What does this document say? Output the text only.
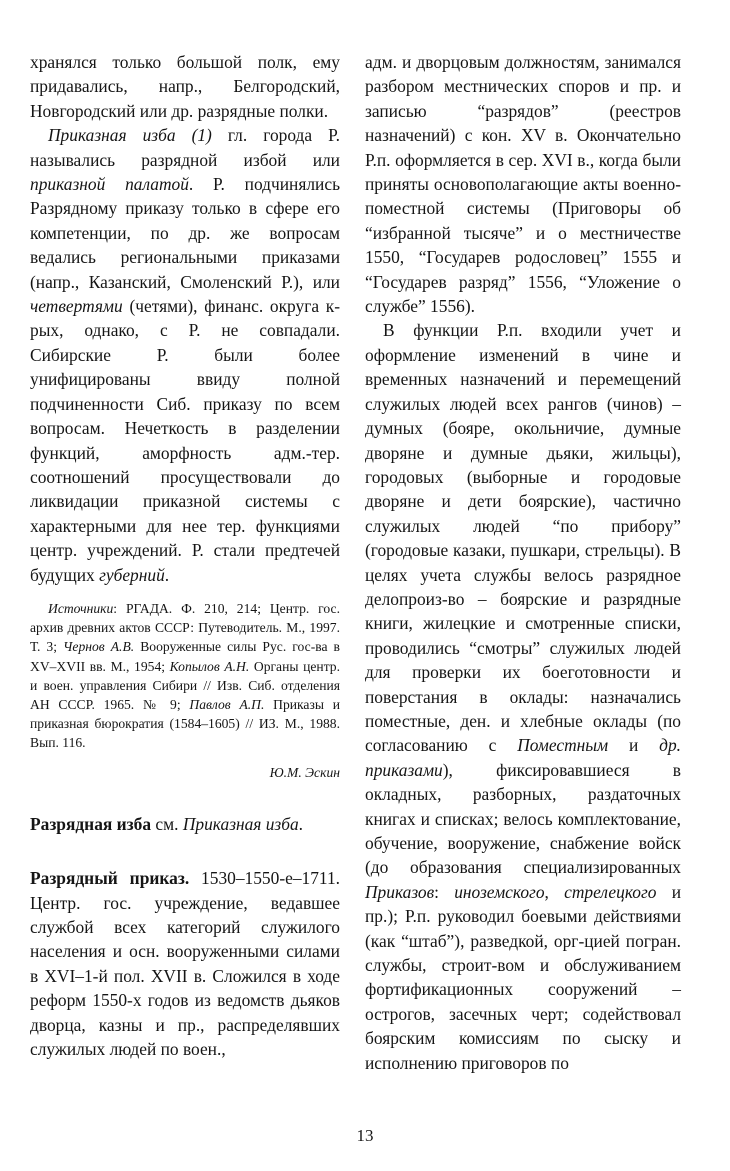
хранялся только большой полк, ему придавались, напр., Белгородский, Новгородский или др. разрядные полки.

Приказная изба (1) гл. города Р. назывались разрядной избой или приказной палатой. Р. подчинялись Разрядному приказу только в сфере его компетенции, по др. же вопросам ведались региональными приказами (напр., Казанский, Смоленский Р.), или четвертями (четями), финанс. округа к-рых, однако, с Р. не совпадали. Сибирские Р. были более унифицированы ввиду полной подчиненности Сиб. приказу по всем вопросам. Нечеткость в разделении функций, аморфность адм.-тер. соотношений просуществовали до ликвидации приказной системы с характерными для нее тер. функциями центр. учреждений. Р. стали предтечей будущих губерний.

Источники: РГАДА. Ф. 210, 214; Центр. гос. архив древних актов СССР: Путеводитель. М., 1997. Т. 3; Чернов А.В. Вооруженные силы Рус. гос-ва в XV–XVII вв. М., 1954; Копылов А.Н. Органы центр. и воен. управления Сибири // Изв. Сиб. отделения АН СССР. 1965. № 9; Павлов А.П. Приказы и приказная бюрократия (1584–1605) // ИЗ. М., 1988. Вып. 116.

Ю.М. Эскин

Разрядная изба см. Приказная изба.

Разрядный приказ. 1530–1550-е–1711. Центр. гос. учреждение, ведавшее службой всех категорий служилого населения и осн. вооруженными силами в XVI–1-й пол. XVII в. Сложился в ходе реформ 1550-х годов из ведомств дьяков дворца, казны и пр., распределявших служилых людей по воен.,

адм. и дворцовым должностям, занимался разбором местнических споров и пр. и записью “разрядов” (реестров назначений) с кон. XV в. Окончательно Р.п. оформляется в сер. XVI в., когда были приняты основополагающие акты военно-поместной системы (Приговоры об “избранной тысяче” и о местничестве 1550, “Государев родословец” 1555 и “Государев разряд” 1556, “Уложение о службе” 1556).

В функции Р.п. входили учет и оформление изменений в чине и временных назначений и перемещений служилых людей всех рангов (чинов) – думных (бояре, окольничие, думные дворяне и думные дьяки, жильцы), городовых (выборные и городовые дворяне и дети боярские), частично служилых людей “по прибору” (городовые казаки, пушкари, стрельцы). В целях учета службы велось разрядное делопроиз-во – боярские и разрядные книги, жилецкие и смотренные списки, проводились “смотры” служилых людей для проверки их боеготовности и поверстания в оклады: назначались поместные, ден. и хлебные оклады (по согласованию с Поместным и др. приказами), фиксировавшиеся в окладных, разборных, раздаточных книгах и списках; велось комплектование, обучение, вооружение, снабжение войск (до образования специализированных Приказов: иноземского, стрелецкого и пр.); Р.п. руководил боевыми действиями (как “штаб”), разведкой, орг-цией погран. службы, строит-вом и обслуживанием фортификационных сооружений – острогов, засечных черт; содействовал боярским комиссиям по сыску и исполнению приговоров по

13
